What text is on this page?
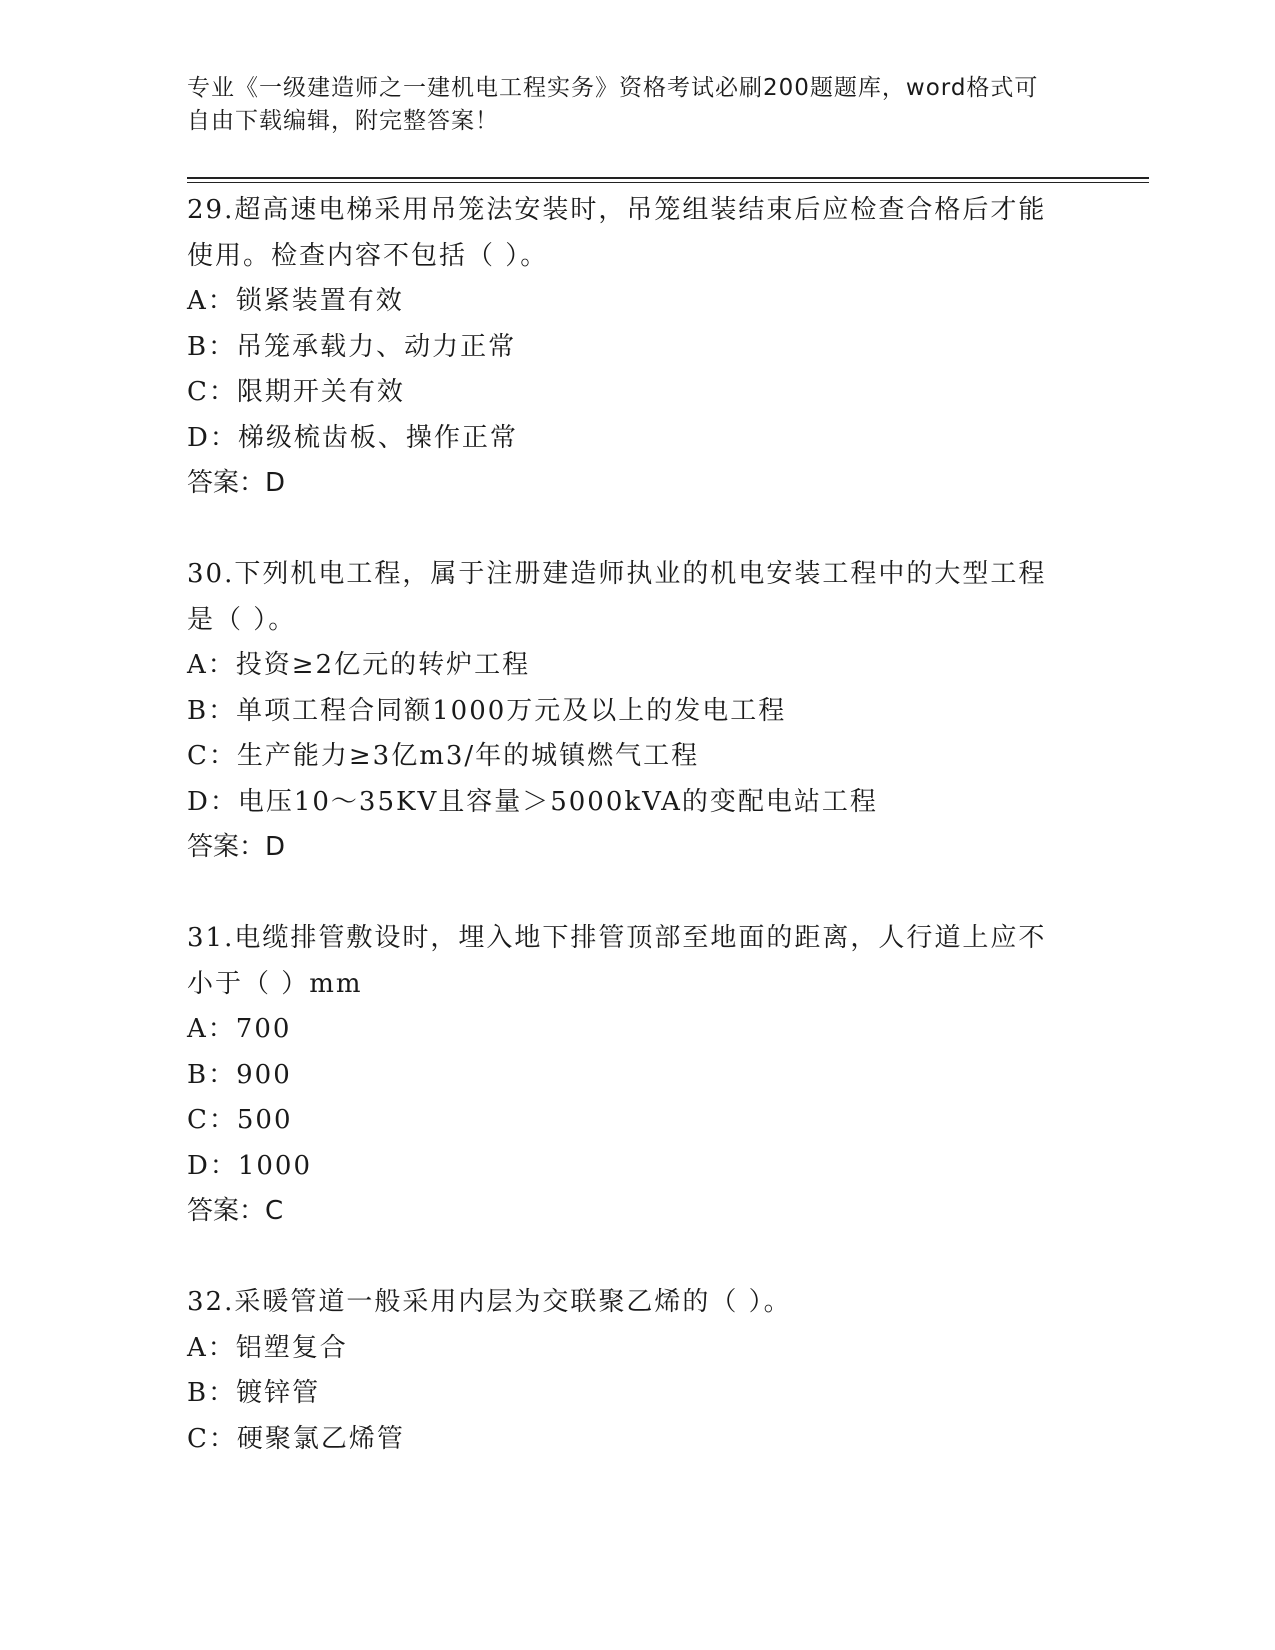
专业《一级建造师之一建机电工程实务》资格考试必刷200题题库，word格式可
自由下载编辑，附完整答案！
29.超高速电梯采用吊笼法安装时，吊笼组装结束后应检查合格后才能
使用。检查内容不包括（ ）。
A：锁紧装置有效
B：吊笼承载力、动力正常
C：限期开关有效
D：梯级梳齿板、操作正常
答案：D
30.下列机电工程，属于注册建造师执业的机电安装工程中的大型工程
是（ ）。
A：投资≥2亿元的转炉工程
B：单项工程合同额1000万元及以上的发电工程
C：生产能力≥3亿m3/年的城镇燃气工程
D：电压10～35KV且容量＞5000kVA的变配电站工程
答案：D
31.电缆排管敷设时，埋入地下排管顶部至地面的距离，人行道上应不
小于（ ）mm
A：700
B：900
C：500
D：1000
答案：C
32.采暖管道一般采用内层为交联聚乙烯的（ ）。
A：铝塑复合
B：镀锌管
C：硬聚氯乙烯管
